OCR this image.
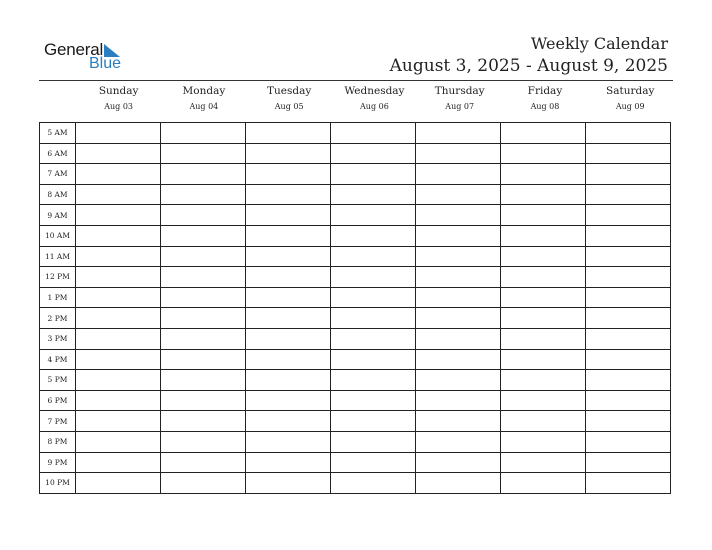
General
Blue
Weekly Calendar
August 3, 2025 - August 9, 2025
Sunday
Aug 03
Monday
Aug 04
Tuesday
Aug 05
Wednesday
Aug 06
Thursday
Aug 07
Friday
Aug 08
Saturday
Aug 09
5 AM							
6 AM							
7 AM							
8 AM							
9 AM							
10 AM							
11 AM							
12 PM							
1 PM							
2 PM							
3 PM							
4 PM							
5 PM							
6 PM							
7 PM							
8 PM							
9 PM							
10 PM							
